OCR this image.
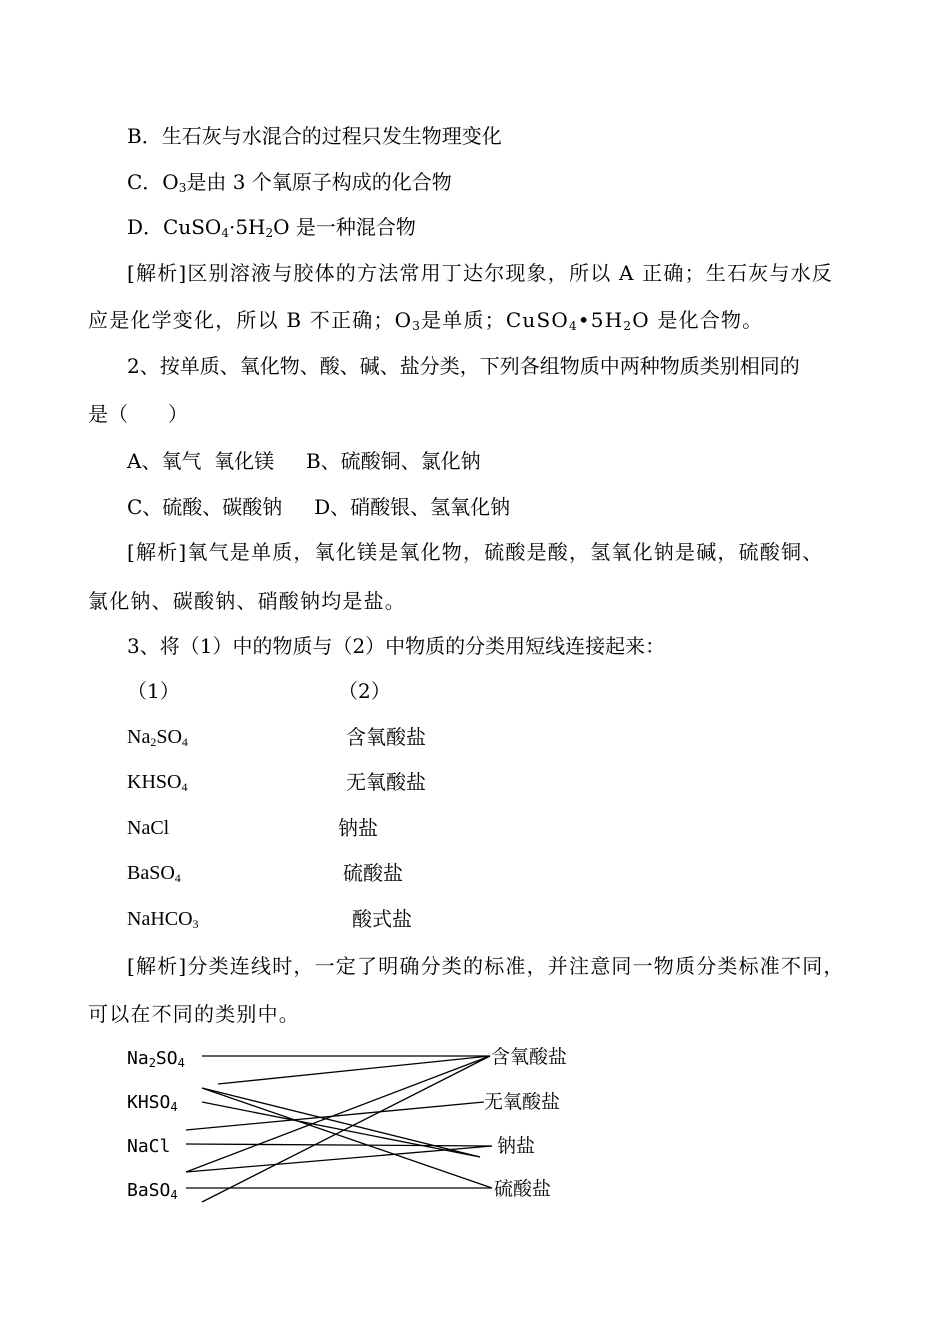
B．生石灰与水混合的过程只发生物理变化
C．$O_3$是由 3 个氧原子构成的化合物
D．$CuSO_4\cdot 5H_2O$ 是一种混合物
[解析]区别溶液与胶体的方法常用丁达尔现象，所以 A 正确；生石灰与水反
应是化学变化，所以 B 不正确；$O_3$是单质；$CuSO_4•5H_2O$ 是化合物。
2、按单质、氧化物、酸、碱、盐分类，下列各组物质中两种物质类别相同的
是（　　）
A、氧气  氧化镁     B、硫酸铜、氯化钠
C、硫酸、碳酸钠     D、硝酸银、氢氧化钠
[解析]氧气是单质，氧化镁是氧化物，硫酸是酸，氢氧化钠是碱，硫酸铜、
氯化钠、碳酸钠、硝酸钠均是盐。
3、将（1）中的物质与（2）中物质的分类用短线连接起来：
（1）	（2）
$Na_2SO_4$
$KHSO_4$
NaCl
BaSO$_4$
NaHCO$_3$
含氧酸盐
无氧酸盐
钠盐
硫酸盐
酸式盐
[解析]分类连线时，一定了明确分类的标准，并注意同一物质分类标准不同，
可以在不同的类别中。
$Na_2SO_4$
$KHSO_4$
NaCl
BaSO$_4$
含氧酸盐
无氧酸盐
钠盐
硫酸盐
